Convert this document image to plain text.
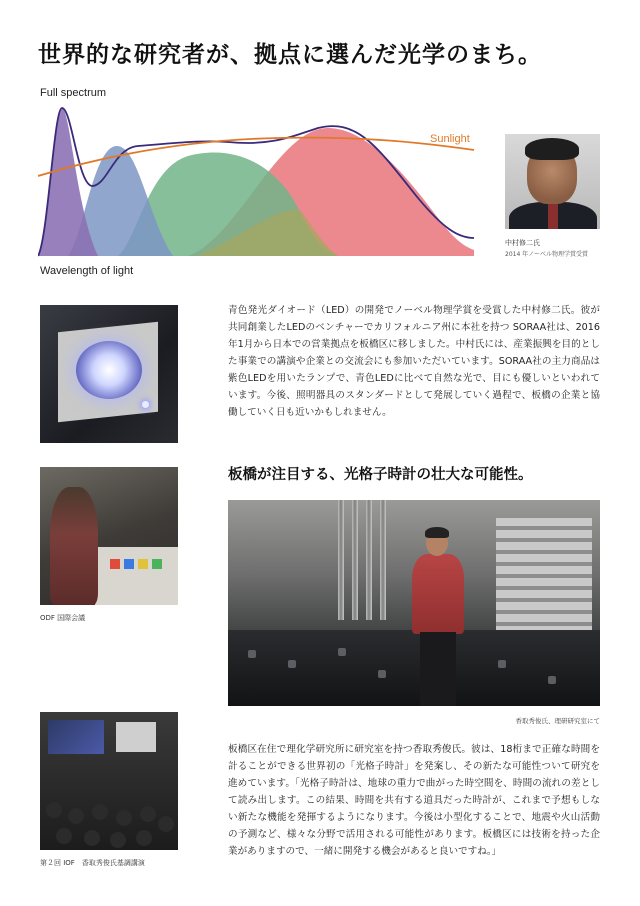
世界的な研究者が、拠点に選んだ光学のまち。
Full spectrum
Sunlight
Wavelength of light
中村修二氏
2014 年ノーベル物理学賞受賞
青色発光ダイオード（LED）の開発でノーベル物理学賞を受賞した中村修二氏。彼が共同創業したLEDのベンチャーでカリフォルニア州に本社を持つ SORAA社は、2016年1月から日本での営業拠点を板橋区に移しました。中村氏には、産業振興を目的とした事業での講演や企業との交流会にも参加いただいています。SORAA社の主力商品は紫色LEDを用いたランプで、青色LEDに比べて自然な光で、目にも優しいといわれています。今後、照明器具のスタンダードとして発展していく過程で、板橋の企業と協働していく日も近いかもしれません。
ODF 国際会議
板橋が注目する、光格子時計の壮大な可能性。
香取秀俊氏、理研研究室にて
第２回 IOF　香取秀俊氏基調講演
板橋区在住で理化学研究所に研究室を持つ香取秀俊氏。彼は、18桁まで正確な時間を計ることができる世界初の「光格子時計」を発案し、その新たな可能性ついて研究を進めています。「光格子時計は、地球の重力で曲がった時空間を、時間の流れの差として読み出します。この結果、時間を共有する道具だった時計が、これまで予想もしない新たな機能を発揮するようになります。今後は小型化することで、地震や火山活動の予測など、様々な分野で活用される可能性があります。板橋区には技術を持った企業がありますので、一緒に開発する機会があると良いですね。」
